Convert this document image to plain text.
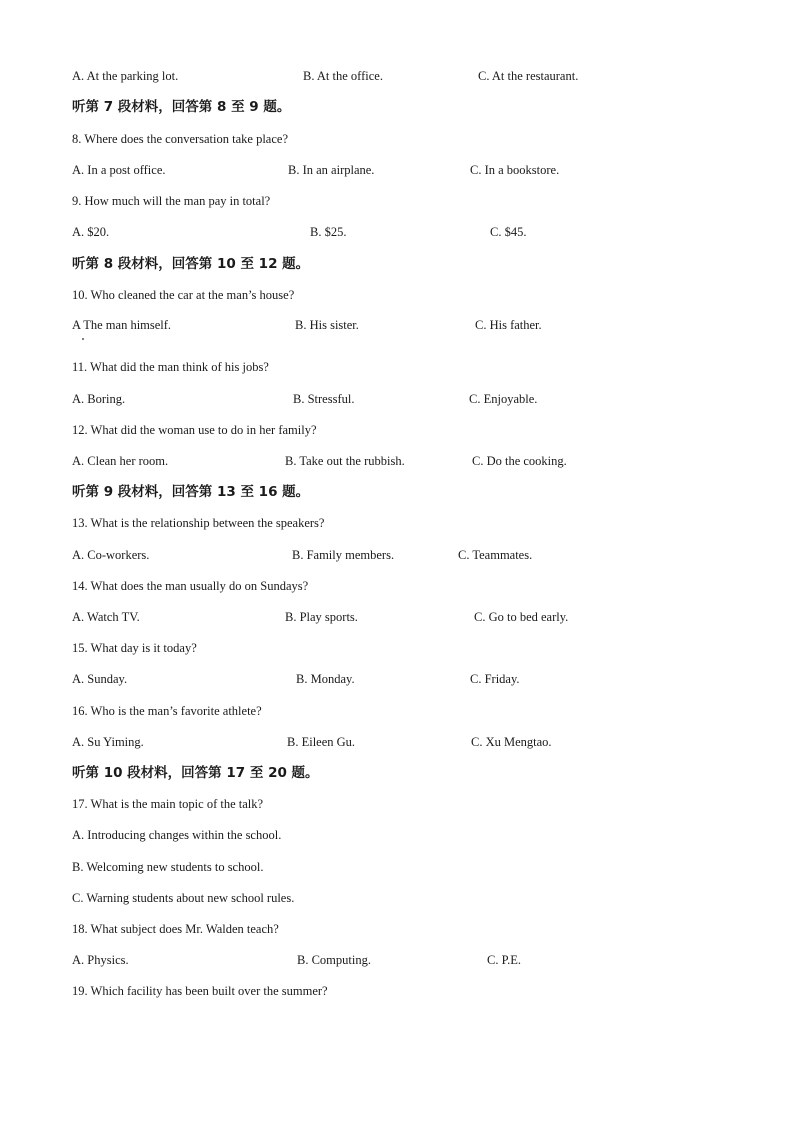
A. At the parking lot.	B. At the office.	C. At the restaurant.
听第 7 段材料，回答第 8 至 9 题。
8. Where does the conversation take place?
A. In a post office.	B. In an airplane.	C. In a bookstore.
9. How much will the man pay in total?
A. $20.	B. $25.	C. $45.
听第 8 段材料，回答第 10 至 12 题。
10. Who cleaned the car at the man’s house?
A The man himself.	B. His sister.	C. His father.
11. What did the man think of his jobs?
A. Boring.	B. Stressful.	C. Enjoyable.
12. What did the woman use to do in her family?
A. Clean her room.	B. Take out the rubbish.	C. Do the cooking.
听第 9 段材料，回答第 13 至 16 题。
13. What is the relationship between the speakers?
A. Co-workers.	B. Family members.	C. Teammates.
14. What does the man usually do on Sundays?
A. Watch TV.	B. Play sports.	C. Go to bed early.
15. What day is it today?
A. Sunday.	B. Monday.	C. Friday.
16. Who is the man’s favorite athlete?
A. Su Yiming.	B. Eileen Gu.	C. Xu Mengtao.
听第 10 段材料，回答第 17 至 20 题。
17. What is the main topic of the talk?
A. Introducing changes within the school.
B. Welcoming new students to school.
C. Warning students about new school rules.
18. What subject does Mr. Walden teach?
A. Physics.	B. Computing.	C. P.E.
19. Which facility has been built over the summer?
